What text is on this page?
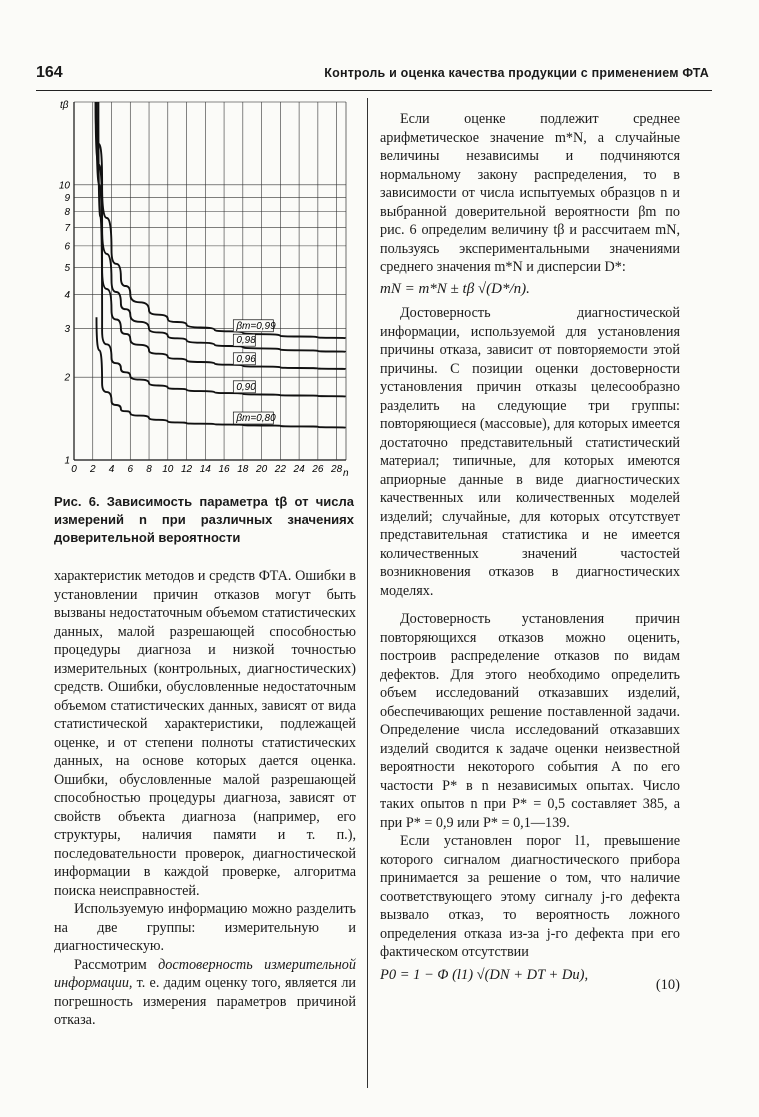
164	Контроль и оценка качества продукции с применением ФТА
0 2 4 6 8 10 12 14 16 18 20 22 24 26 28
10
9
8
7
6
5
4
3
2
1
βm=0,99
0,98
0,96
0,90
βm=0,80
tβ
n
Рис. 6. Зависимость параметра tβ от числа измерений n при различных значениях доверительной вероятности

характеристик методов и средств ФТА. Ошибки в установлении причин отказов могут быть вызваны недостаточным объемом статистических данных, малой разрешающей способностью процедуры диагноза и низкой точностью измерительных (контрольных, диагностических) средств. Ошибки, обусловленные недостаточным объемом статистических данных, зависят от вида статистической характеристики, подлежащей оценке, и от степени полноты статистических данных, на основе которых дается оценка. Ошибки, обусловленные малой разрешающей способностью процедуры диагноза, зависят от свойств объекта диагноза (например, его структуры, наличия памяти и т. п.), последовательности проверок, диагностической информации в каждой проверке, алгоритма поиска неисправностей.

Используемую информацию можно разделить на две группы: измерительную и диагностическую.

Рассмотрим достоверность измерительной информации, т. е. дадим оценку того, является ли погрешность измерения параметров причиной отказа.

Если оценке подлежит среднее арифметическое значение m*N, а случайные величины независимы и подчиняются нормальному закону распределения, то в зависимости от числа испытуемых образцов n и выбранной доверительной вероятности βm по рис. 6 определим величину tβ и рассчитаем mN, пользуясь экспериментальными значениями среднего значения m*N и дисперсии D*:

mN = m*N ± tβ √(D*/n).

Достоверность диагностической информации, используемой для установления причины отказа, зависит от повторяемости этой причины. С позиции оценки достоверности установления причин отказы целесообразно разделить на следующие три группы: повторяющиеся (массовые), для которых имеется достаточно представительный статистический материал; типичные, для которых имеются априорные данные в виде диагностических качественных или количественных моделей изделий; случайные, для которых отсутствует представительная статистика и не имеется количественных значений частостей возникновения отказов в диагностических моделях.

Достоверность установления причин повторяющихся отказов можно оценить, построив распределение отказов по видам дефектов. Для этого необходимо определить объем исследований отказавших изделий, обеспечивающих решение поставленной задачи. Определение числа исследований отказавших изделий сводится к задаче оценки неизвестной вероятности некоторого события A по его частости P* в n независимых опытах. Число таких опытов n при P* = 0,5 составляет 385, а при P* = 0,9 или P* = 0,1—139.

Если установлен порог l1, превышение которого сигналом диагностического прибора принимается за решение о том, что наличие соответствующего этому сигналу j-го дефекта вызвало отказ, то вероятность ложного определения отказа из-за j-го дефекта при его фактическом отсутствии

P0 = 1 − Φ (l1) √(DN + DT + Dи),
(10)
